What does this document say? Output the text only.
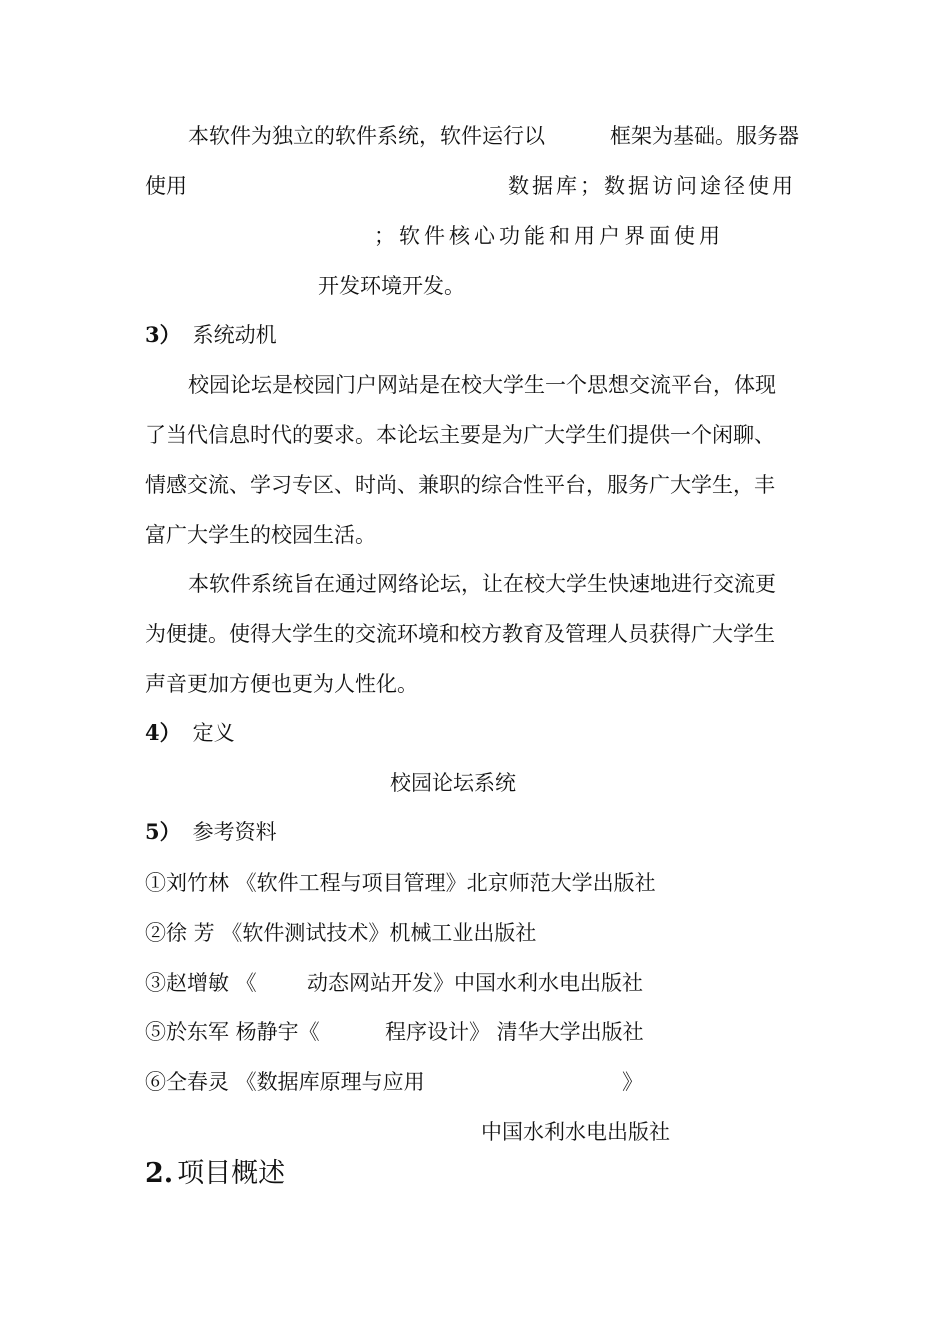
本软件为独立的软件系统，软件运行以	框架为基础。服务器
使用	数据库；数据访问途径使用
；软件核心功能和用户界面使用
开发环境开发。
3） 系统动机
校园论坛是校园门户网站是在校大学生一个思想交流平台，体现
了当代信息时代的要求。本论坛主要是为广大学生们提供一个闲聊、
情感交流、学习专区、时尚、兼职的综合性平台，服务广大学生，丰
富广大学生的校园生活。
本软件系统旨在通过网络论坛，让在校大学生快速地进行交流更
为便捷。使得大学生的交流环境和校方教育及管理人员获得广大学生
声音更加方便也更为人性化。
4） 定义
校园论坛系统
5） 参考资料
①刘竹林 《软件工程与项目管理》北京师范大学出版社
②徐 芳 《软件测试技术》机械工业出版社
③赵增敏 《 动态网站开发》中国水利水电出版社
⑤於东军 杨静宇《	程序设计》 清华大学出版社
⑥仝春灵 《数据库原理与应用	》
中国水利水电出版社
2. 项目概述
